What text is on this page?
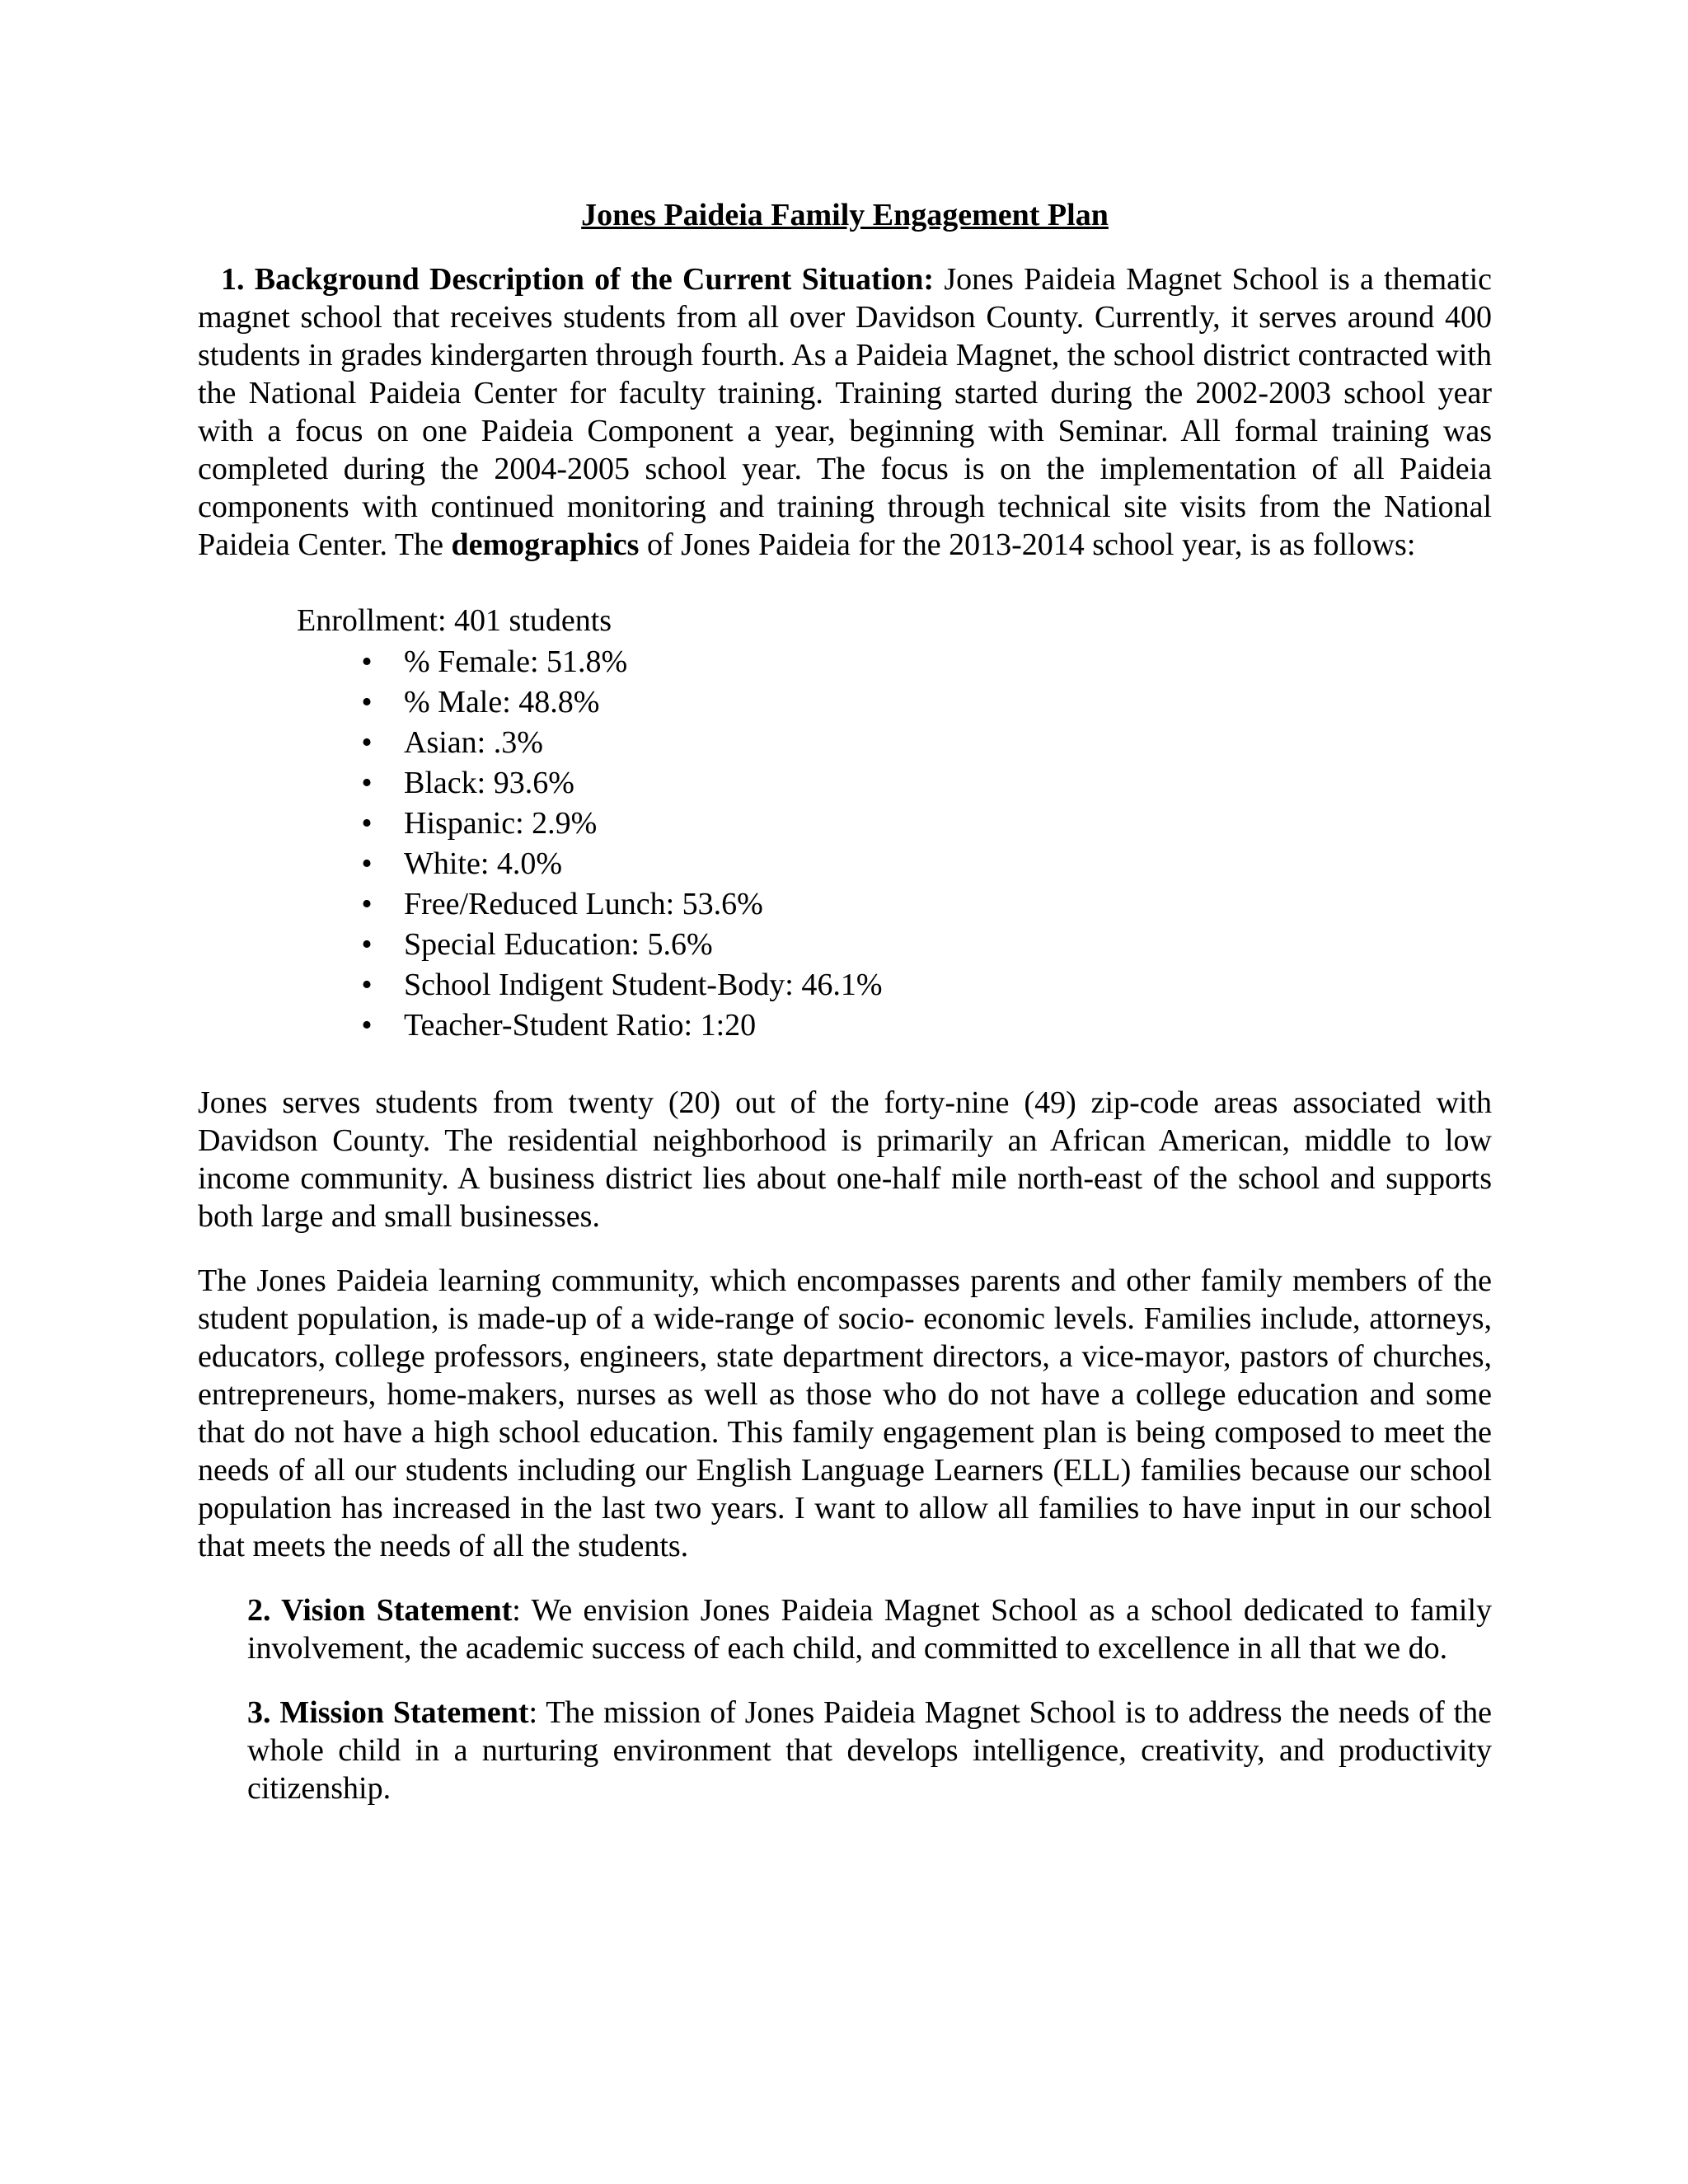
Jones Paideia Family Engagement Plan

1. Background Description of the Current Situation: Jones Paideia Magnet School is a thematic magnet school that receives students from all over Davidson County. Currently, it serves around 400 students in grades kindergarten through fourth. As a Paideia Magnet, the school district contracted with the National Paideia Center for faculty training. Training started during the 2002-2003 school year with a focus on one Paideia Component a year, beginning with Seminar. All formal training was completed during the 2004-2005 school year. The focus is on the implementation of all Paideia components with continued monitoring and training through technical site visits from the National Paideia Center. The demographics of Jones Paideia for the 2013-2014 school year, is as follows:

Enrollment: 401 students
• % Female: 51.8%
• % Male: 48.8%
• Asian: .3%
• Black: 93.6%
• Hispanic: 2.9%
• White: 4.0%
• Free/Reduced Lunch: 53.6%
• Special Education: 5.6%
• School Indigent Student-Body: 46.1%
• Teacher-Student Ratio: 1:20

Jones serves students from twenty (20) out of the forty-nine (49) zip-code areas associated with Davidson County. The residential neighborhood is primarily an African American, middle to low income community. A business district lies about one-half mile north-east of the school and supports both large and small businesses.

The Jones Paideia learning community, which encompasses parents and other family members of the student population, is made-up of a wide-range of socio- economic levels. Families include, attorneys, educators, college professors, engineers, state department directors, a vice-mayor, pastors of churches, entrepreneurs, home-makers, nurses as well as those who do not have a college education and some that do not have a high school education. This family engagement plan is being composed to meet the needs of all our students including our English Language Learners (ELL) families because our school population has increased in the last two years. I want to allow all families to have input in our school that meets the needs of all the students.

2. Vision Statement: We envision Jones Paideia Magnet School as a school dedicated to family involvement, the academic success of each child, and committed to excellence in all that we do.

3. Mission Statement: The mission of Jones Paideia Magnet School is to address the needs of the whole child in a nurturing environment that develops intelligence, creativity, and productivity citizenship.
